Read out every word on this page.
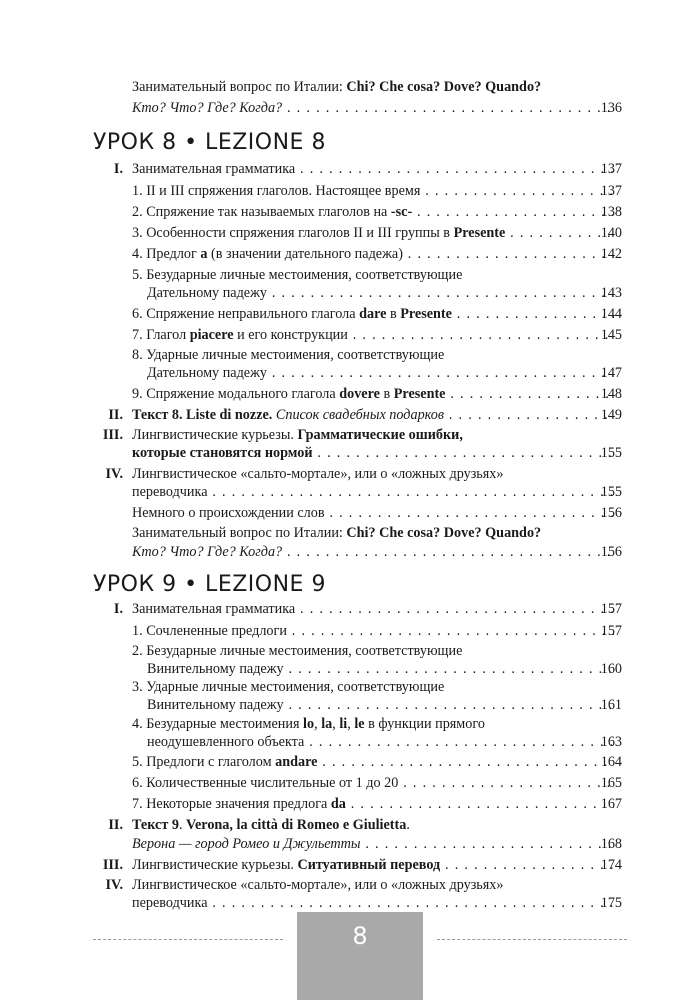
Занимательный вопрос по Италии: Chi? Che cosa? Dove? Quando?
Кто? Что? Где? Когда? . . .	136
УРОК 8 • LEZIONE 8
I. Занимательная грамматика . . .	137
1. II и III спряжения глаголов. Настоящее время . . .	137
2. Спряжение так называемых глаголов на -sc- . . .	138
3. Особенности спряжения глаголов II и III группы в Presente . . .	140
4. Предлог a (в значении дательного падежа) . . .	142
5. Безударные личные местоимения, соответствующие
Дательному падежу . . .	143
6. Спряжение неправильного глагола dare в Presente . . .	144
7. Глагол piacere и его конструкции . . .	145
8. Ударные личные местоимения, соответствующие
Дательному падежу . . .	147
9. Спряжение модального глагола dovere в Presente . . .	148
II. Текст 8. Liste di nozze. Список свадебных подарков . . .	149
III. Лингвистические курьезы. Грамматические ошибки,
которые становятся нормой . . .	155
IV. Лингвистическое «сальто-мортале», или о «ложных друзьях»
переводчика . . .	155
Немного о происхождении слов . . .	156
Занимательный вопрос по Италии: Chi? Che cosa? Dove? Quando?
Кто? Что? Где? Когда? . . .	156
УРОК 9 • LEZIONE 9
I. Занимательная грамматика . . .	157
1. Сочлененные предлоги . . .	157
2. Безударные личные местоимения, соответствующие
Винительному падежу . . .	160
3. Ударные личные местоимения, соответствующие
Винительному падежу . . .	161
4. Безударные местоимения lo, la, li, le в функции прямого
неодушевленного объекта . . .	163
5. Предлоги с глаголом andare . . .	164
6. Количественные числительные от 1 до 20 . . .	165
7. Некоторые значения предлога da . . .	167
II. Текст 9. Verona, la città di Romeo e Giulietta.
Верона — город Ромео и Джульетты . . .	168
III. Лингвистические курьезы. Ситуативный перевод . . .	174
IV. Лингвистическое «сальто-мортале», или о «ложных друзьях»
переводчика . . .	175
8
